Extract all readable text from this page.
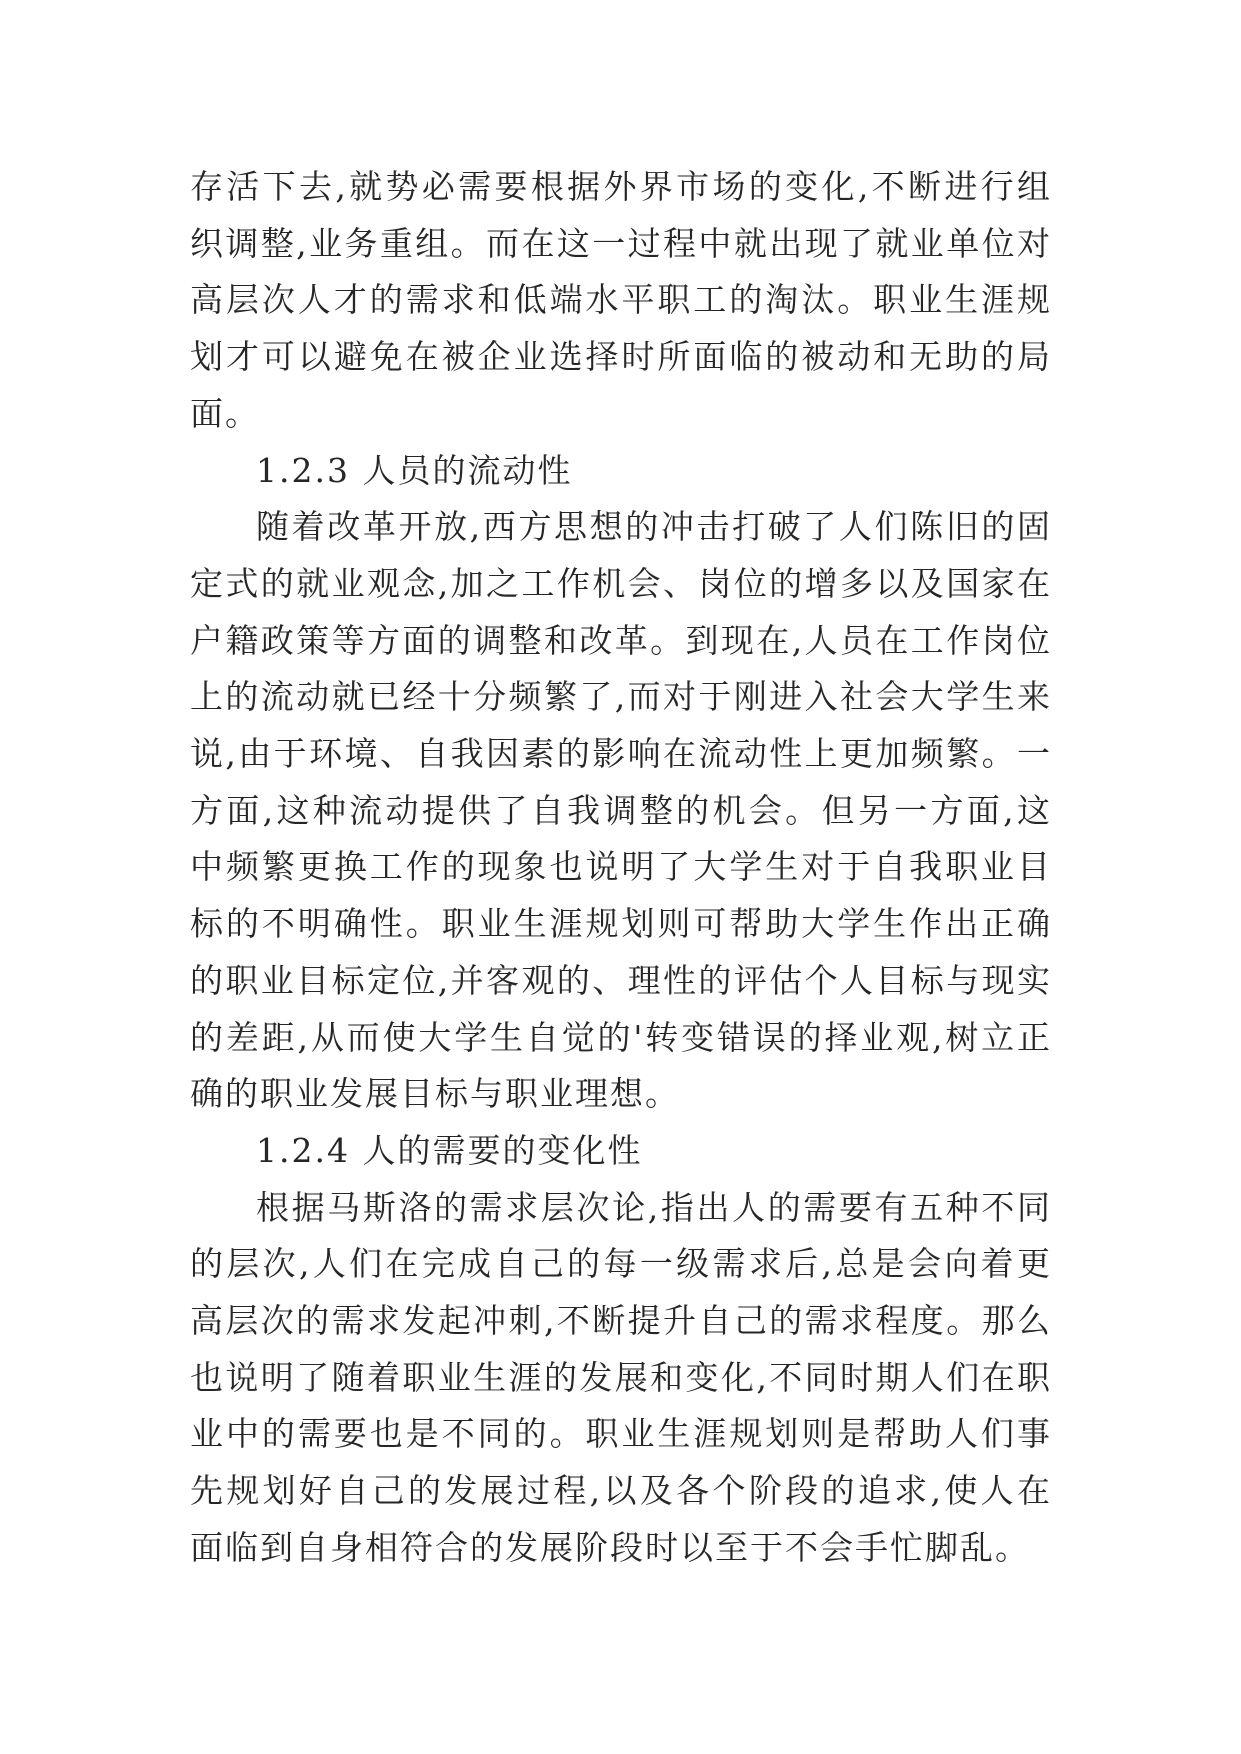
存活下去,就势必需要根据外界市场的变化,不断进行组织调整,业务重组。而在这一过程中就出现了就业单位对高层次人才的需求和低端水平职工的淘汰。职业生涯规划才可以避免在被企业选择时所面临的被动和无助的局面。

1.2.3 人员的流动性

随着改革开放,西方思想的冲击打破了人们陈旧的固定式的就业观念,加之工作机会、岗位的增多以及国家在户籍政策等方面的调整和改革。到现在,人员在工作岗位上的流动就已经十分频繁了,而对于刚进入社会大学生来说,由于环境、自我因素的影响在流动性上更加频繁。一方面,这种流动提供了自我调整的机会。但另一方面,这中频繁更换工作的现象也说明了大学生对于自我职业目标的不明确性。职业生涯规划则可帮助大学生作出正确的职业目标定位,并客观的、理性的评估个人目标与现实的差距,从而使大学生自觉的'转变错误的择业观,树立正确的职业发展目标与职业理想。

1.2.4 人的需要的变化性

根据马斯洛的需求层次论,指出人的需要有五种不同的层次,人们在完成自己的每一级需求后,总是会向着更高层次的需求发起冲刺,不断提升自己的需求程度。那么也说明了随着职业生涯的发展和变化,不同时期人们在职业中的需要也是不同的。职业生涯规划则是帮助人们事先规划好自己的发展过程,以及各个阶段的追求,使人在面临到自身相符合的发展阶段时以至于不会手忙脚乱。
